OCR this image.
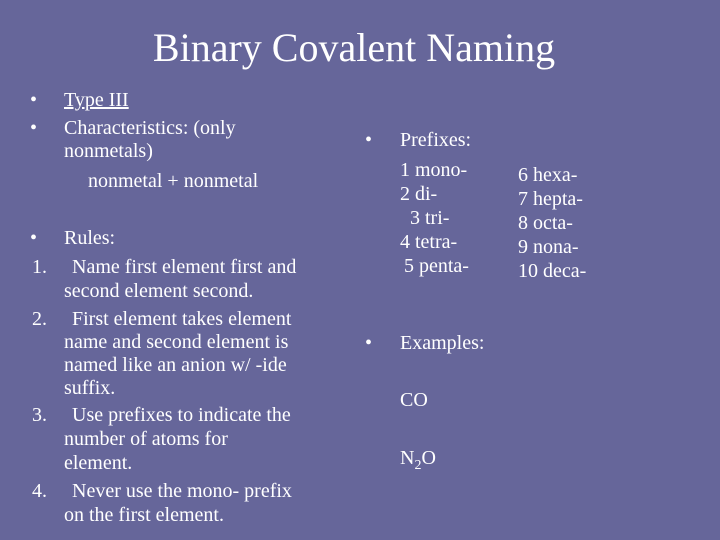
Binary Covalent Naming
• Type III
• Characteristics: (only
nonmetals)
nonmetal + nonmetal
• Rules:
1. Name first element first and
second element second.
2. First element takes element
name and second element is
named like an anion w/ -ide
suffix.
3. Use prefixes to indicate the
number of atoms for
element.
4. Never use the mono- prefix
on the first element.
• Prefixes:
1 mono-
2 di-
3 tri-
4 tetra-
5 penta-
6 hexa-
7 hepta-
8 octa-
9 nona-
10 deca-
• Examples:
CO
$N_2O$
